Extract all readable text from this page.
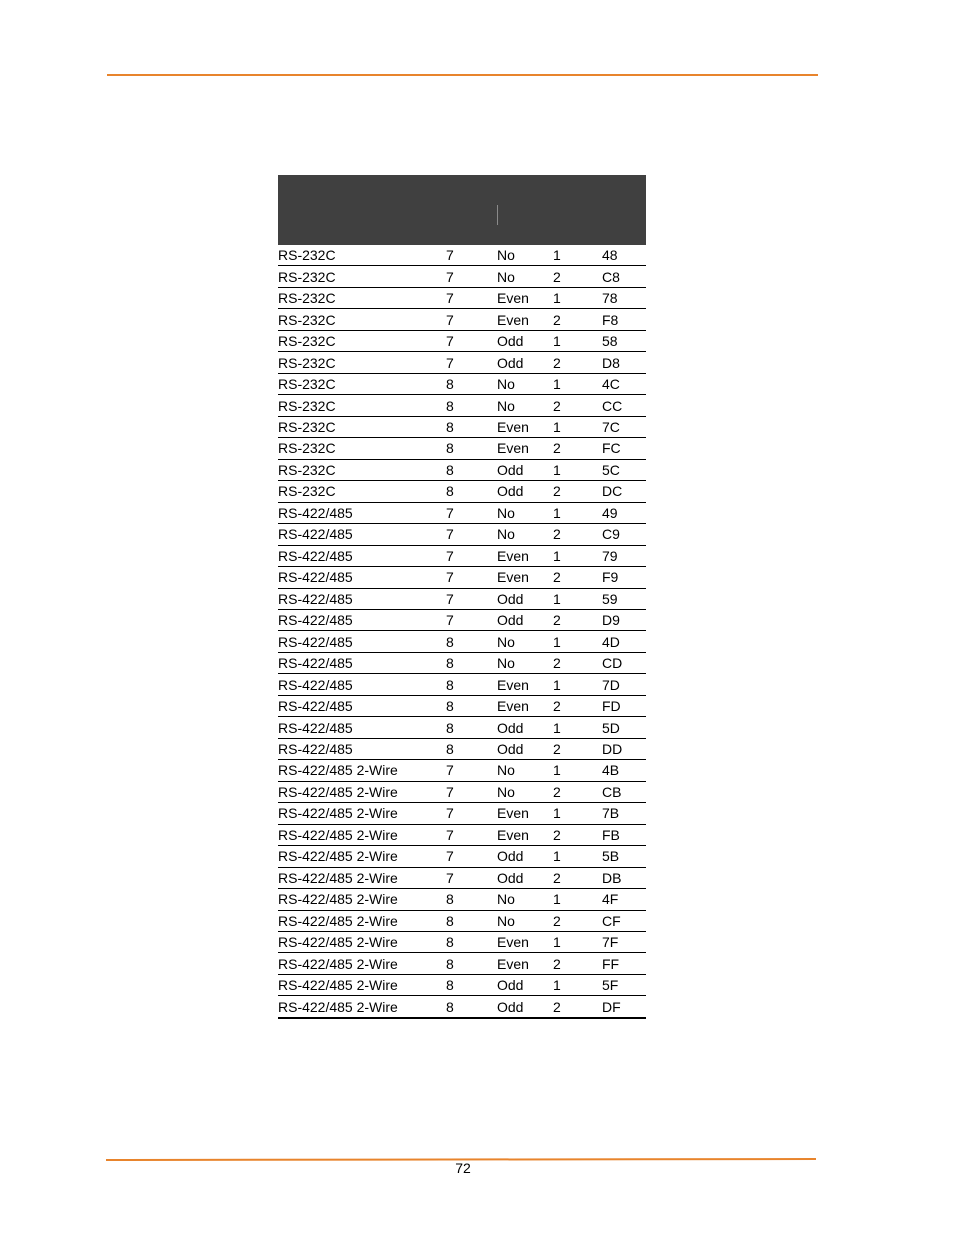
RS-232C	7	No	1	48
RS-232C	7	No	2	C8
RS-232C	7	Even	1	78
RS-232C	7	Even	2	F8
RS-232C	7	Odd	1	58
RS-232C	7	Odd	2	D8
RS-232C	8	No	1	4C
RS-232C	8	No	2	CC
RS-232C	8	Even	1	7C
RS-232C	8	Even	2	FC
RS-232C	8	Odd	1	5C
RS-232C	8	Odd	2	DC
RS-422/485	7	No	1	49
RS-422/485	7	No	2	C9
RS-422/485	7	Even	1	79
RS-422/485	7	Even	2	F9
RS-422/485	7	Odd	1	59
RS-422/485	7	Odd	2	D9
RS-422/485	8	No	1	4D
RS-422/485	8	No	2	CD
RS-422/485	8	Even	1	7D
RS-422/485	8	Even	2	FD
RS-422/485	8	Odd	1	5D
RS-422/485	8	Odd	2	DD
RS-422/485 2-Wire	7	No	1	4B
RS-422/485 2-Wire	7	No	2	CB
RS-422/485 2-Wire	7	Even	1	7B
RS-422/485 2-Wire	7	Even	2	FB
RS-422/485 2-Wire	7	Odd	1	5B
RS-422/485 2-Wire	7	Odd	2	DB
RS-422/485 2-Wire	8	No	1	4F
RS-422/485 2-Wire	8	No	2	CF
RS-422/485 2-Wire	8	Even	1	7F
RS-422/485 2-Wire	8	Even	2	FF
RS-422/485 2-Wire	8	Odd	1	5F
RS-422/485 2-Wire	8	Odd	2	DF
72
